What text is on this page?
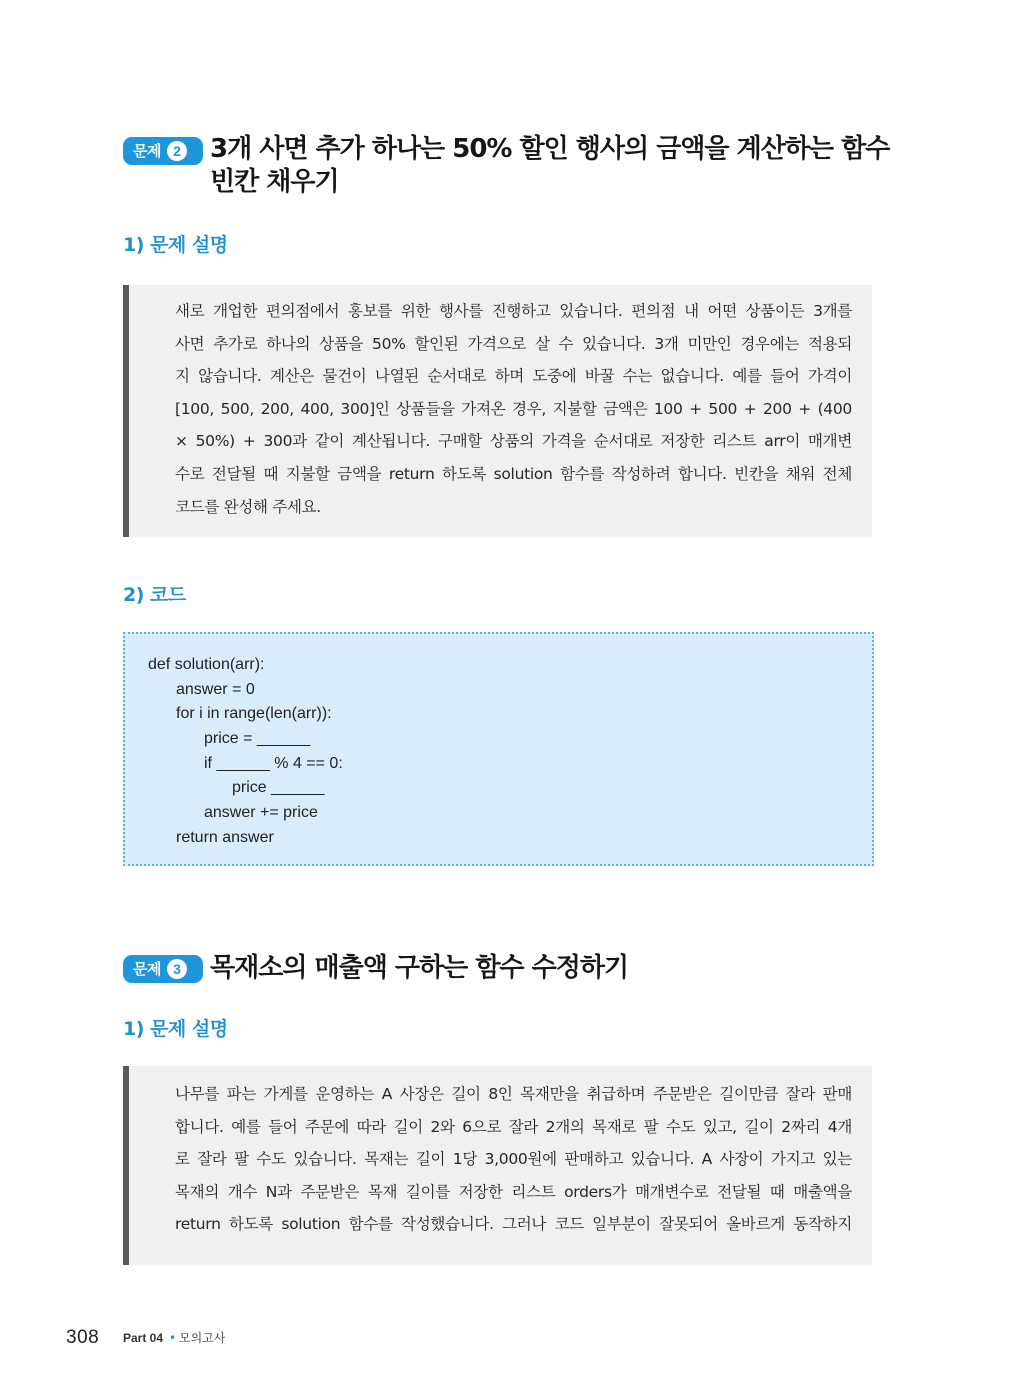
문제 2 3개 사면 추가 하나는 50% 할인 행사의 금액을 계산하는 함수
빈칸 채우기
1) 문제 설명
새로 개업한 편의점에서 홍보를 위한 행사를 진행하고 있습니다. 편의점 내 어떤 상품이든 3개를
사면 추가로 하나의 상품을 50% 할인된 가격으로 살 수 있습니다. 3개 미만인 경우에는 적용되
지 않습니다. 계산은 물건이 나열된 순서대로 하며 도중에 바꿀 수는 없습니다. 예를 들어 가격이
[100, 500, 200, 400, 300]인 상품들을 가져온 경우, 지불할 금액은 100 + 500 + 200 + (400
× 50%) + 300과 같이 계산됩니다. 구매할 상품의 가격을 순서대로 저장한 리스트 arr이 매개변
수로 전달될 때 지불할 금액을 return 하도록 solution 함수를 작성하려 합니다. 빈칸을 채워 전체
코드를 완성해 주세요.
2) 코드
def solution(arr):
answer = 0
for i in range(len(arr)):
price = ______
if ______ % 4 == 0:
price ______
answer += price
return answer
문제 3 목재소의 매출액 구하는 함수 수정하기
1) 문제 설명
나무를 파는 가게를 운영하는 A 사장은 길이 8인 목재만을 취급하며 주문받은 길이만큼 잘라 판매
합니다. 예를 들어 주문에 따라 길이 2와 6으로 잘라 2개의 목재로 팔 수도 있고, 길이 2짜리 4개
로 잘라 팔 수도 있습니다. 목재는 길이 1당 3,000원에 판매하고 있습니다. A 사장이 가지고 있는
목재의 개수 N과 주문받은 목재 길이를 저장한 리스트 orders가 매개변수로 전달될 때 매출액을
return 하도록 solution 함수를 작성했습니다. 그러나 코드 일부분이 잘못되어 올바르게 동작하지
308 Part 04 • 모의고사
